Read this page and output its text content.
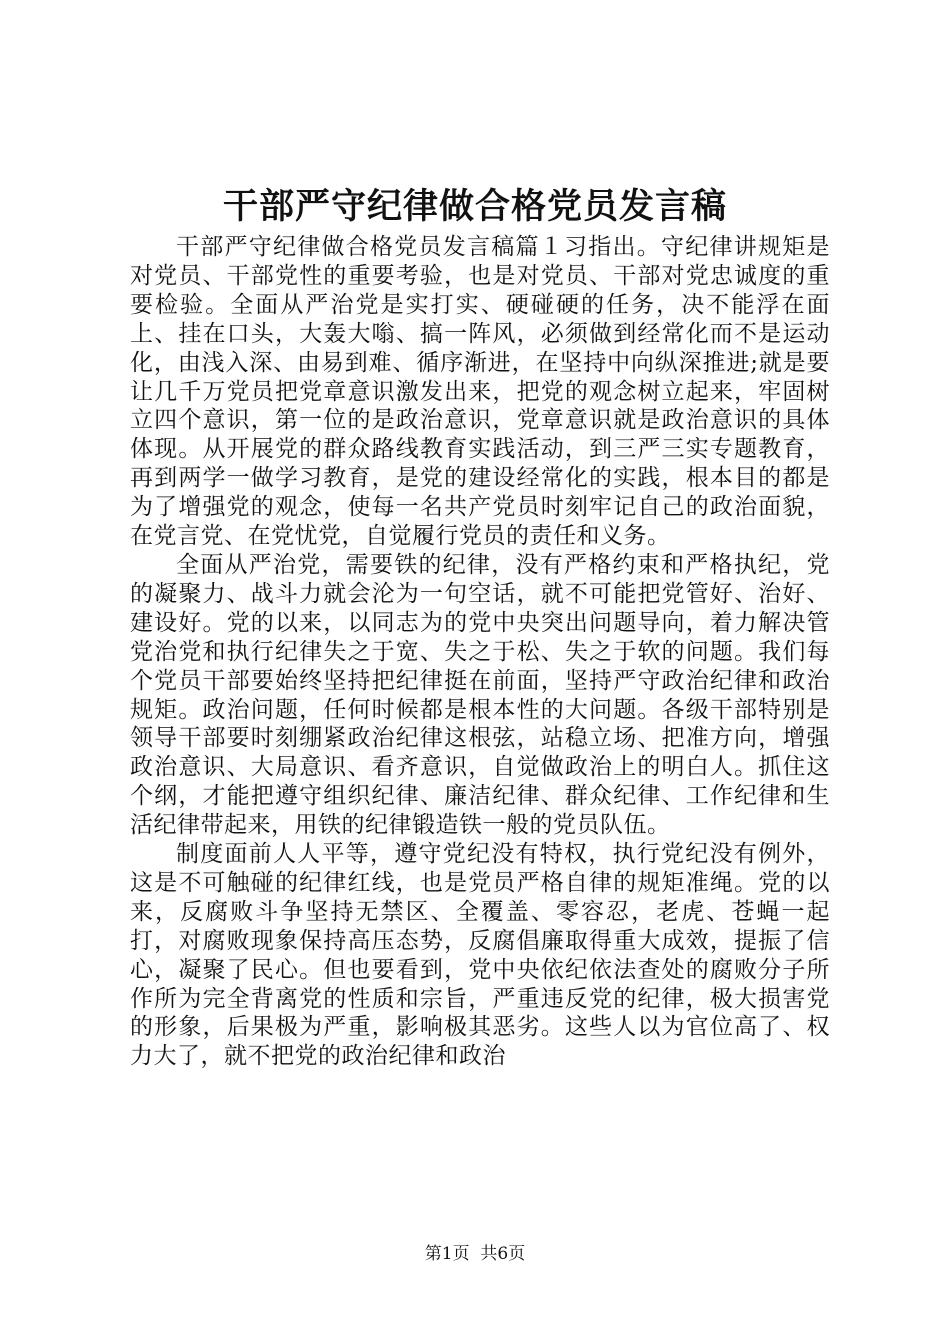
干部严守纪律做合格党员发言稿

干部严守纪律做合格党员发言稿篇１习指出。守纪律讲规矩是对党员、干部党性的重要考验，也是对党员、干部对党忠诚度的重要检验。全面从严治党是实打实、硬碰硬的任务，决不能浮在面上、挂在口头，大轰大嗡、搞一阵风，必须做到经常化而不是运动化，由浅入深、由易到难、循序渐进，在坚持中向纵深推进;就是要让几千万党员把党章意识激发出来，把党的观念树立起来，牢固树立四个意识，第一位的是政治意识，党章意识就是政治意识的具体体现。从开展党的群众路线教育实践活动，到三严三实专题教育，再到两学一做学习教育，是党的建设经常化的实践，根本目的都是为了增强党的观念，使每一名共产党员时刻牢记自己的政治面貌，在党言党、在党忧党，自觉履行党员的责任和义务。

全面从严治党，需要铁的纪律，没有严格约束和严格执纪，党的凝聚力、战斗力就会沦为一句空话，就不可能把党管好、治好、建设好。党的以来，以同志为的党中央突出问题导向，着力解决管党治党和执行纪律失之于宽、失之于松、失之于软的问题。我们每个党员干部要始终坚持把纪律挺在前面，坚持严守政治纪律和政治规矩。政治问题，任何时候都是根本性的大问题。各级干部特别是领导干部要时刻绷紧政治纪律这根弦，站稳立场、把准方向，增强政治意识、大局意识、看齐意识，自觉做政治上的明白人。抓住这个纲，才能把遵守组织纪律、廉洁纪律、群众纪律、工作纪律和生活纪律带起来，用铁的纪律锻造铁一般的党员队伍。

制度面前人人平等，遵守党纪没有特权，执行党纪没有例外，这是不可触碰的纪律红线，也是党员严格自律的规矩准绳。党的以来，反腐败斗争坚持无禁区、全覆盖、零容忍，老虎、苍蝇一起打，对腐败现象保持高压态势，反腐倡廉取得重大成效，提振了信心，凝聚了民心。但也要看到，党中央依纪依法查处的腐败分子所作所为完全背离党的性质和宗旨，严重违反党的纪律，极大损害党的形象，后果极为严重，影响极其恶劣。这些人以为官位高了、权力大了，就不把党的政治纪律和政治

第1页  共6页
